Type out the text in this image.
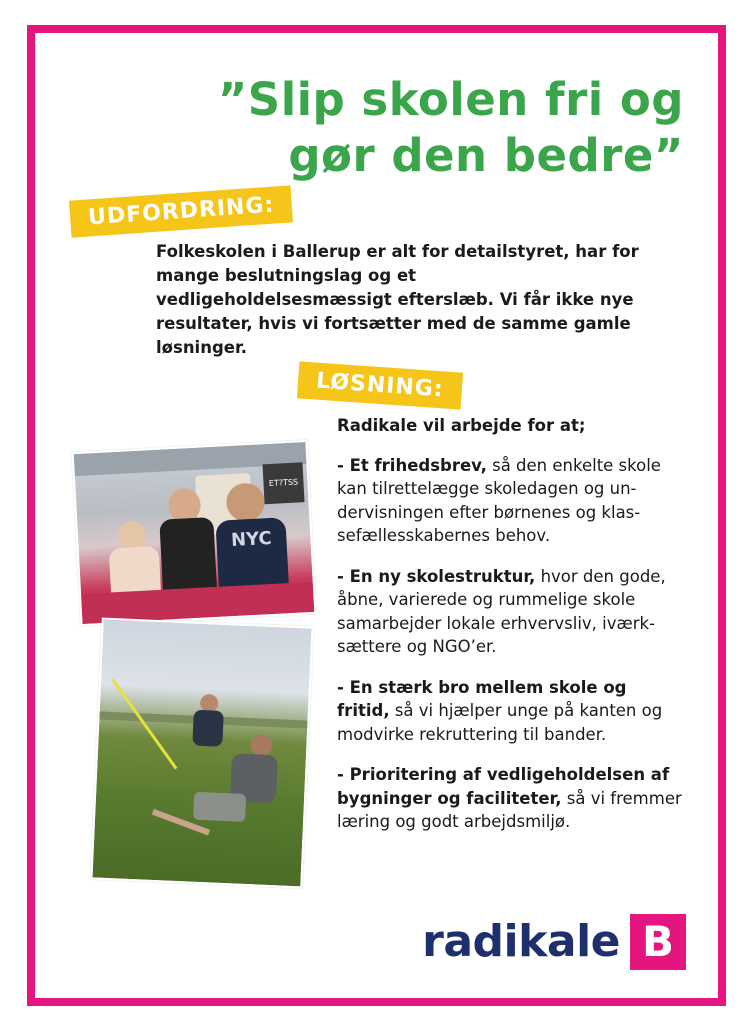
”Slip skolen fri og
gør den bedre”
UDFORDRING:
Folkeskolen i Ballerup er alt for detailstyret, har for mange beslutningslag og et vedligeholdelsesmæssigt efterslæb. Vi får ikke nye resultater, hvis vi fortsætter med de samme gamle løsninger.
LØSNING:
ET?TSS
NYC

Radikale vil arbejde for at;

- Et frihedsbrev, så den enkelte skole kan tilrettelægge skoledagen og undervisningen efter børnenes og klassefællesskabernes behov.

- En ny skolestruktur, hvor den gode, åbne, varierede og rummelige skole samarbejder lokale erhvervsliv, iværksættere og NGO’er.

- En stærk bro mellem skole og fritid, så vi hjælper unge på kanten og modvirke rekruttering til bander.

- Prioritering af vedligeholdelsen af bygninger og faciliteter, så vi fremmer læring og godt arbejdsmiljø.

radikale B
